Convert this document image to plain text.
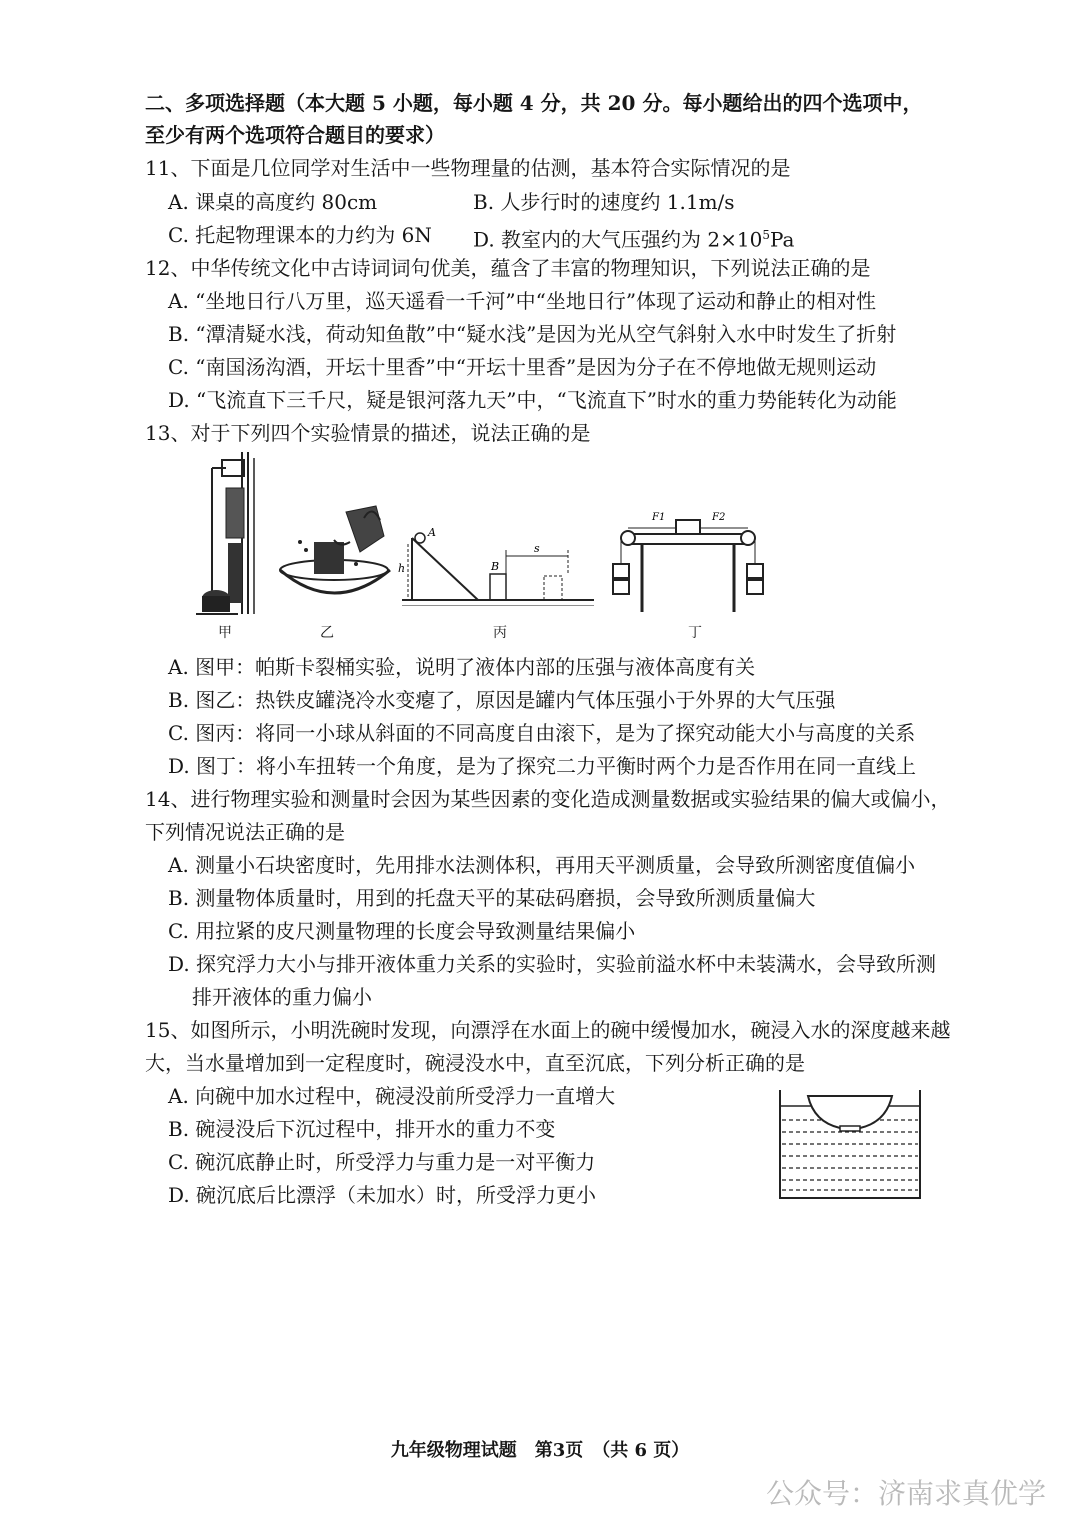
二、多项选择题（本大题 5 小题，每小题 4 分，共 20 分。每小题给出的四个选项中，
至少有两个选项符合题目的要求）
11、下面是几位同学对生活中一些物理量的估测，基本符合实际情况的是
A. 课桌的高度约 80cm	B. 人步行时的速度约 1.1m/s
C. 托起物理课本的力约为 6N D. 教室内的大气压强约为 $2\times 10^5Pa$
12、中华传统文化中古诗词词句优美，蕴含了丰富的物理知识，下列说法正确的是
A. “坐地日行八万里，巡天遥看一千河”中“坐地日行”体现了运动和静止的相对性
B. “潭清疑水浅，荷动知鱼散”中“疑水浅”是因为光从空气斜射入水中时发生了折射
C. “南国汤沟酒，开坛十里香”中“开坛十里香”是因为分子在不停地做无规则运动
D. “飞流直下三千尺，疑是银河落九天”中，“飞流直下”时水的重力势能转化为动能
13、对于下列四个实验情景的描述，说法正确的是
甲	乙
A
h	B
s
丙
F1	F2
丁
A. 图甲：帕斯卡裂桶实验，说明了液体内部的压强与液体高度有关
B. 图乙：热铁皮罐浇冷水变瘪了，原因是罐内气体压强小于外界的大气压强
C. 图丙：将同一小球从斜面的不同高度自由滚下，是为了探究动能大小与高度的关系
D. 图丁：将小车扭转一个角度，是为了探究二力平衡时两个力是否作用在同一直线上
14、进行物理实验和测量时会因为某些因素的变化造成测量数据或实验结果的偏大或偏小，
下列情况说法正确的是
A. 测量小石块密度时，先用排水法测体积，再用天平测质量，会导致所测密度值偏小
B. 测量物体质量时，用到的托盘天平的某砝码磨损，会导致所测质量偏大
C. 用拉紧的皮尺测量物理的长度会导致测量结果偏小
D. 探究浮力大小与排开液体重力关系的实验时，实验前溢水杯中未装满水，会导致所测
排开液体的重力偏小
15、如图所示，小明洗碗时发现，向漂浮在水面上的碗中缓慢加水，碗浸入水的深度越来越
大，当水量增加到一定程度时，碗浸没水中，直至沉底，下列分析正确的是
A. 向碗中加水过程中，碗浸没前所受浮力一直增大
B. 碗浸没后下沉过程中，排开水的重力不变
C. 碗沉底静止时，所受浮力与重力是一对平衡力
D. 碗沉底后比漂浮（未加水）时，所受浮力更小
九年级物理试题　第3页　（共 6 页）
公众号：济南求真优学
